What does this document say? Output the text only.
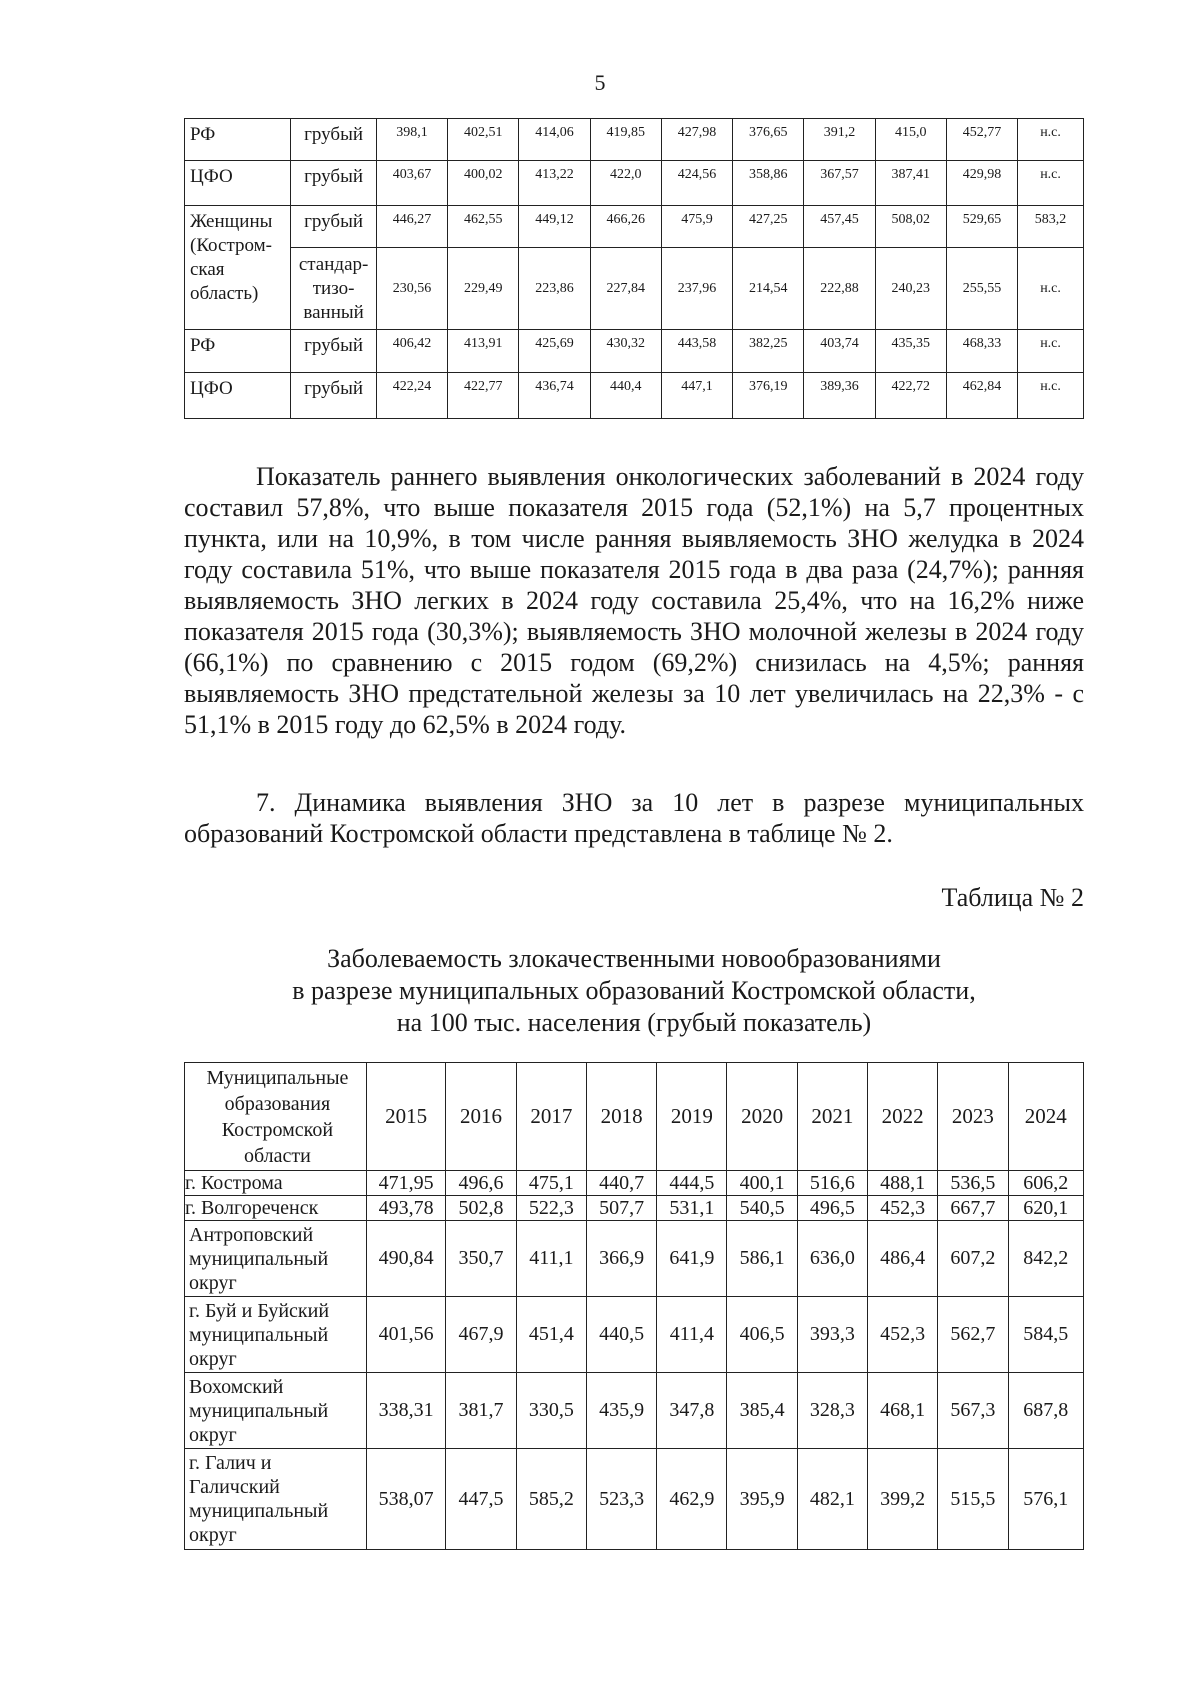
5
РФ	грубый	398,1	402,51	414,06	419,85	427,98	376,65	391,2	415,0	452,77	н.с.
ЦФО	грубый	403,67	400,02	413,22	422,0	424,56	358,86	367,57	387,41	429,98	н.с.
Женщины
(Костром-
ская
область)	грубый	446,27	462,55	449,12	466,26	475,9	427,25	457,45	508,02	529,65	583,2
	стандар-
тизо-
ванный	230,56	229,49	223,86	227,84	237,96	214,54	222,88	240,23	255,55	н.с.
РФ	грубый	406,42	413,91	425,69	430,32	443,58	382,25	403,74	435,35	468,33	н.с.
ЦФО	грубый	422,24	422,77	436,74	440,4	447,1	376,19	389,36	422,72	462,84	н.с.

Показатель раннего выявления онкологических заболеваний в 2024 году составил 57,8%, что выше показателя 2015 года (52,1%) на 5,7 процентных пункта, или на 10,9%, в том числе ранняя выявляемость ЗНО желудка в 2024 году составила 51%, что выше показателя 2015 года в два раза (24,7%); ранняя выявляемость ЗНО легких в 2024 году составила 25,4%, что на 16,2% ниже показателя 2015 года (30,3%); выявляемость ЗНО молочной железы в 2024 году (66,1%) по сравнению с 2015 годом (69,2%) снизилась на 4,5%; ранняя выявляемость ЗНО предстательной железы за 10 лет увеличилась на 22,3% - с 51,1% в 2015 году до 62,5% в 2024 году.

7. Динамика выявления ЗНО за 10 лет в разрезе муниципальных образований Костромской области представлена в таблице № 2.

Таблица № 2
Заболеваемость злокачественными новообразованиями
в разрезе муниципальных образований Костромской области,
на 100 тыс. населения (грубый показатель)
Муниципальные
образования
Костромской
области	2015	2016	2017	2018	2019	2020	2021	2022	2023	2024
г. Кострома	471,95	496,6	475,1	440,7	444,5	400,1	516,6	488,1	536,5	606,2
г. Волгореченск	493,78	502,8	522,3	507,7	531,1	540,5	496,5	452,3	667,7	620,1
Антроповский
муниципальный
округ	490,84	350,7	411,1	366,9	641,9	586,1	636,0	486,4	607,2	842,2
г. Буй и Буйский
муниципальный
округ	401,56	467,9	451,4	440,5	411,4	406,5	393,3	452,3	562,7	584,5
Вохомский
муниципальный
округ	338,31	381,7	330,5	435,9	347,8	385,4	328,3	468,1	567,3	687,8
г. Галич и
Галичский
муниципальный
округ	538,07	447,5	585,2	523,3	462,9	395,9	482,1	399,2	515,5	576,1
